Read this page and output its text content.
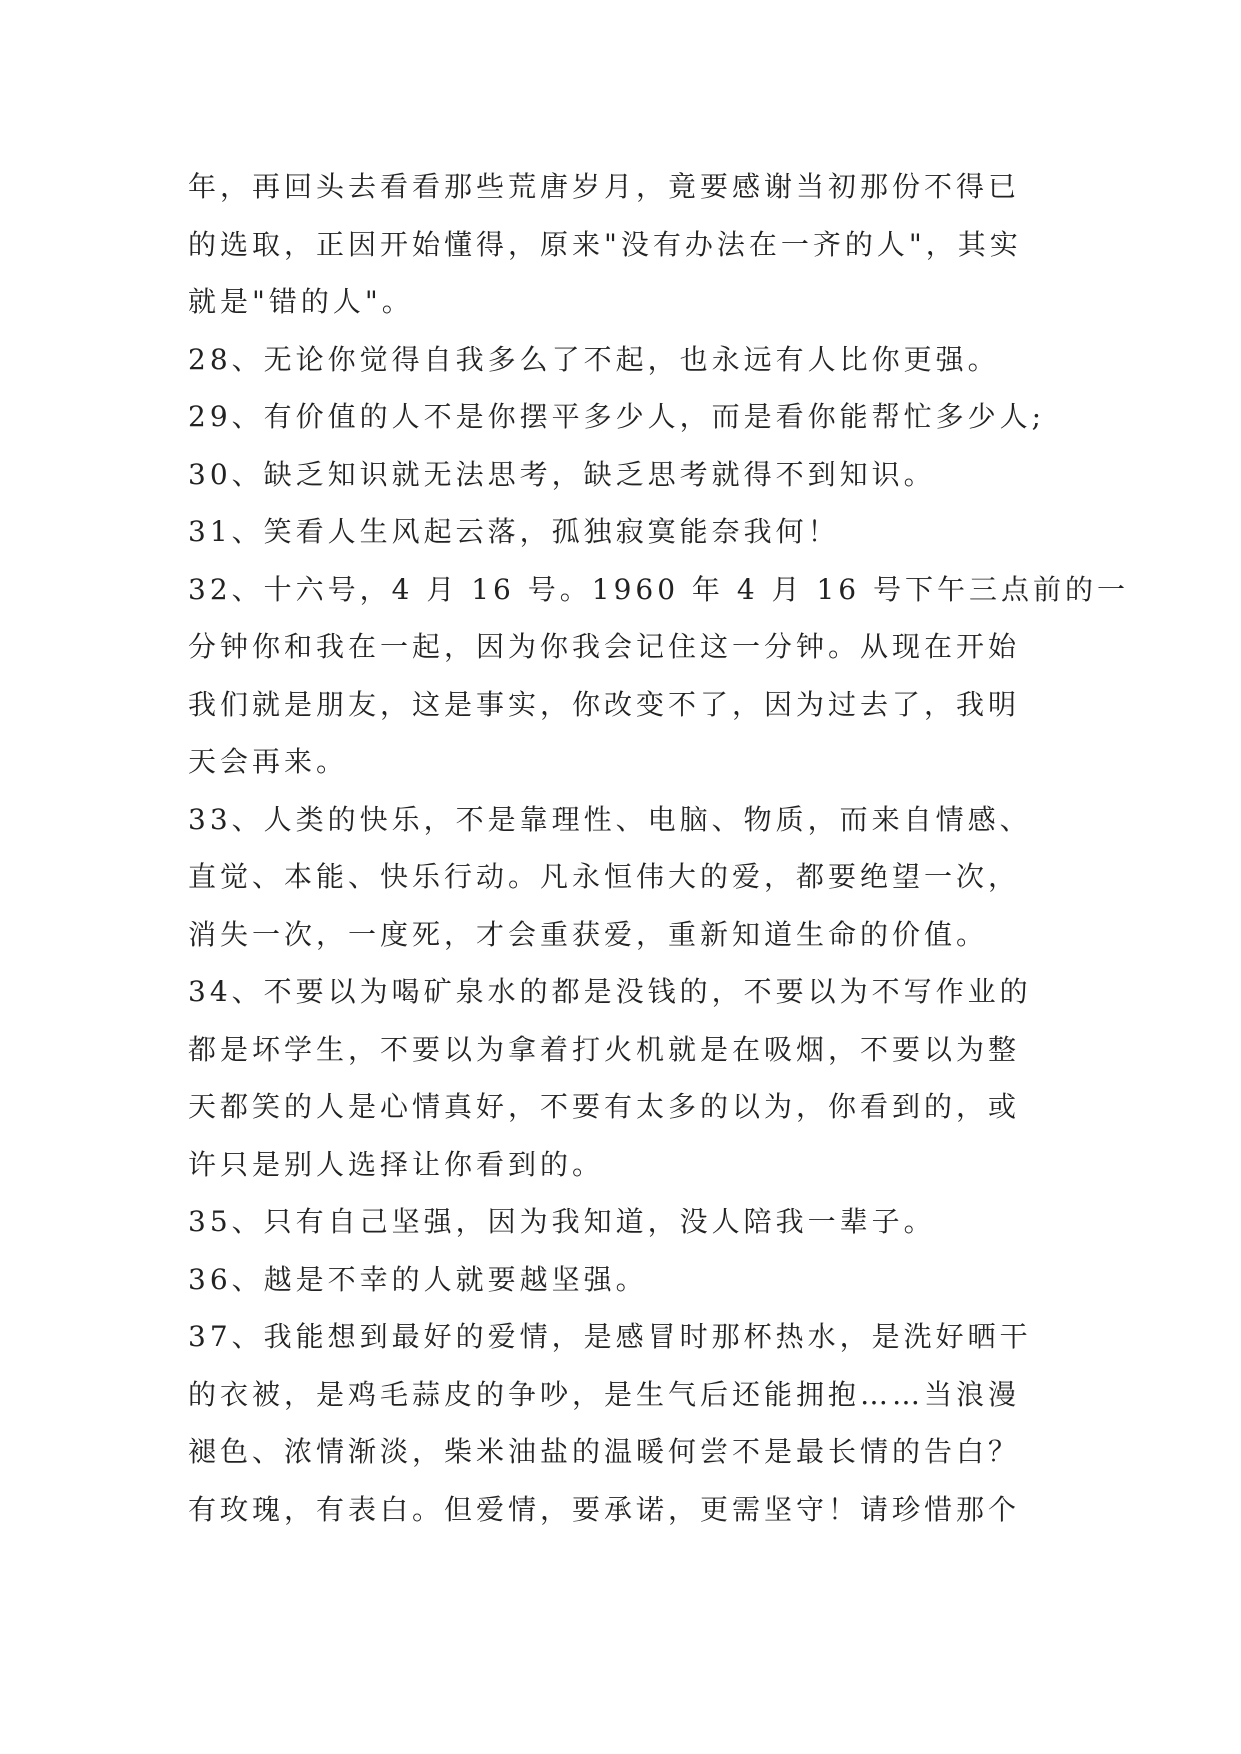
年，再回头去看看那些荒唐岁月，竟要感谢当初那份不得已
的选取，正因开始懂得，原来"没有办法在一齐的人"，其实
就是"错的人"。
28、无论你觉得自我多么了不起，也永远有人比你更强。
29、有价值的人不是你摆平多少人，而是看你能帮忙多少人;
30、缺乏知识就无法思考，缺乏思考就得不到知识。
31、笑看人生风起云落，孤独寂寞能奈我何！
32、十六号，4 月 16 号。1960 年 4 月 16 号下午三点前的一
分钟你和我在一起，因为你我会记住这一分钟。从现在开始
我们就是朋友，这是事实，你改变不了，因为过去了，我明
天会再来。
33、人类的快乐，不是靠理性、电脑、物质，而来自情感、
直觉、本能、快乐行动。凡永恒伟大的爱，都要绝望一次，
消失一次，一度死，才会重获爱，重新知道生命的价值。
34、不要以为喝矿泉水的都是没钱的，不要以为不写作业的
都是坏学生，不要以为拿着打火机就是在吸烟，不要以为整
天都笑的人是心情真好，不要有太多的以为，你看到的，或
许只是别人选择让你看到的。
35、只有自己坚强，因为我知道，没人陪我一辈子。
36、越是不幸的人就要越坚强。
37、我能想到最好的爱情，是感冒时那杯热水，是洗好晒干
的衣被，是鸡毛蒜皮的争吵，是生气后还能拥抱……当浪漫
褪色、浓情渐淡，柴米油盐的温暖何尝不是最长情的告白？
有玫瑰，有表白。但爱情，要承诺，更需坚守！请珍惜那个
